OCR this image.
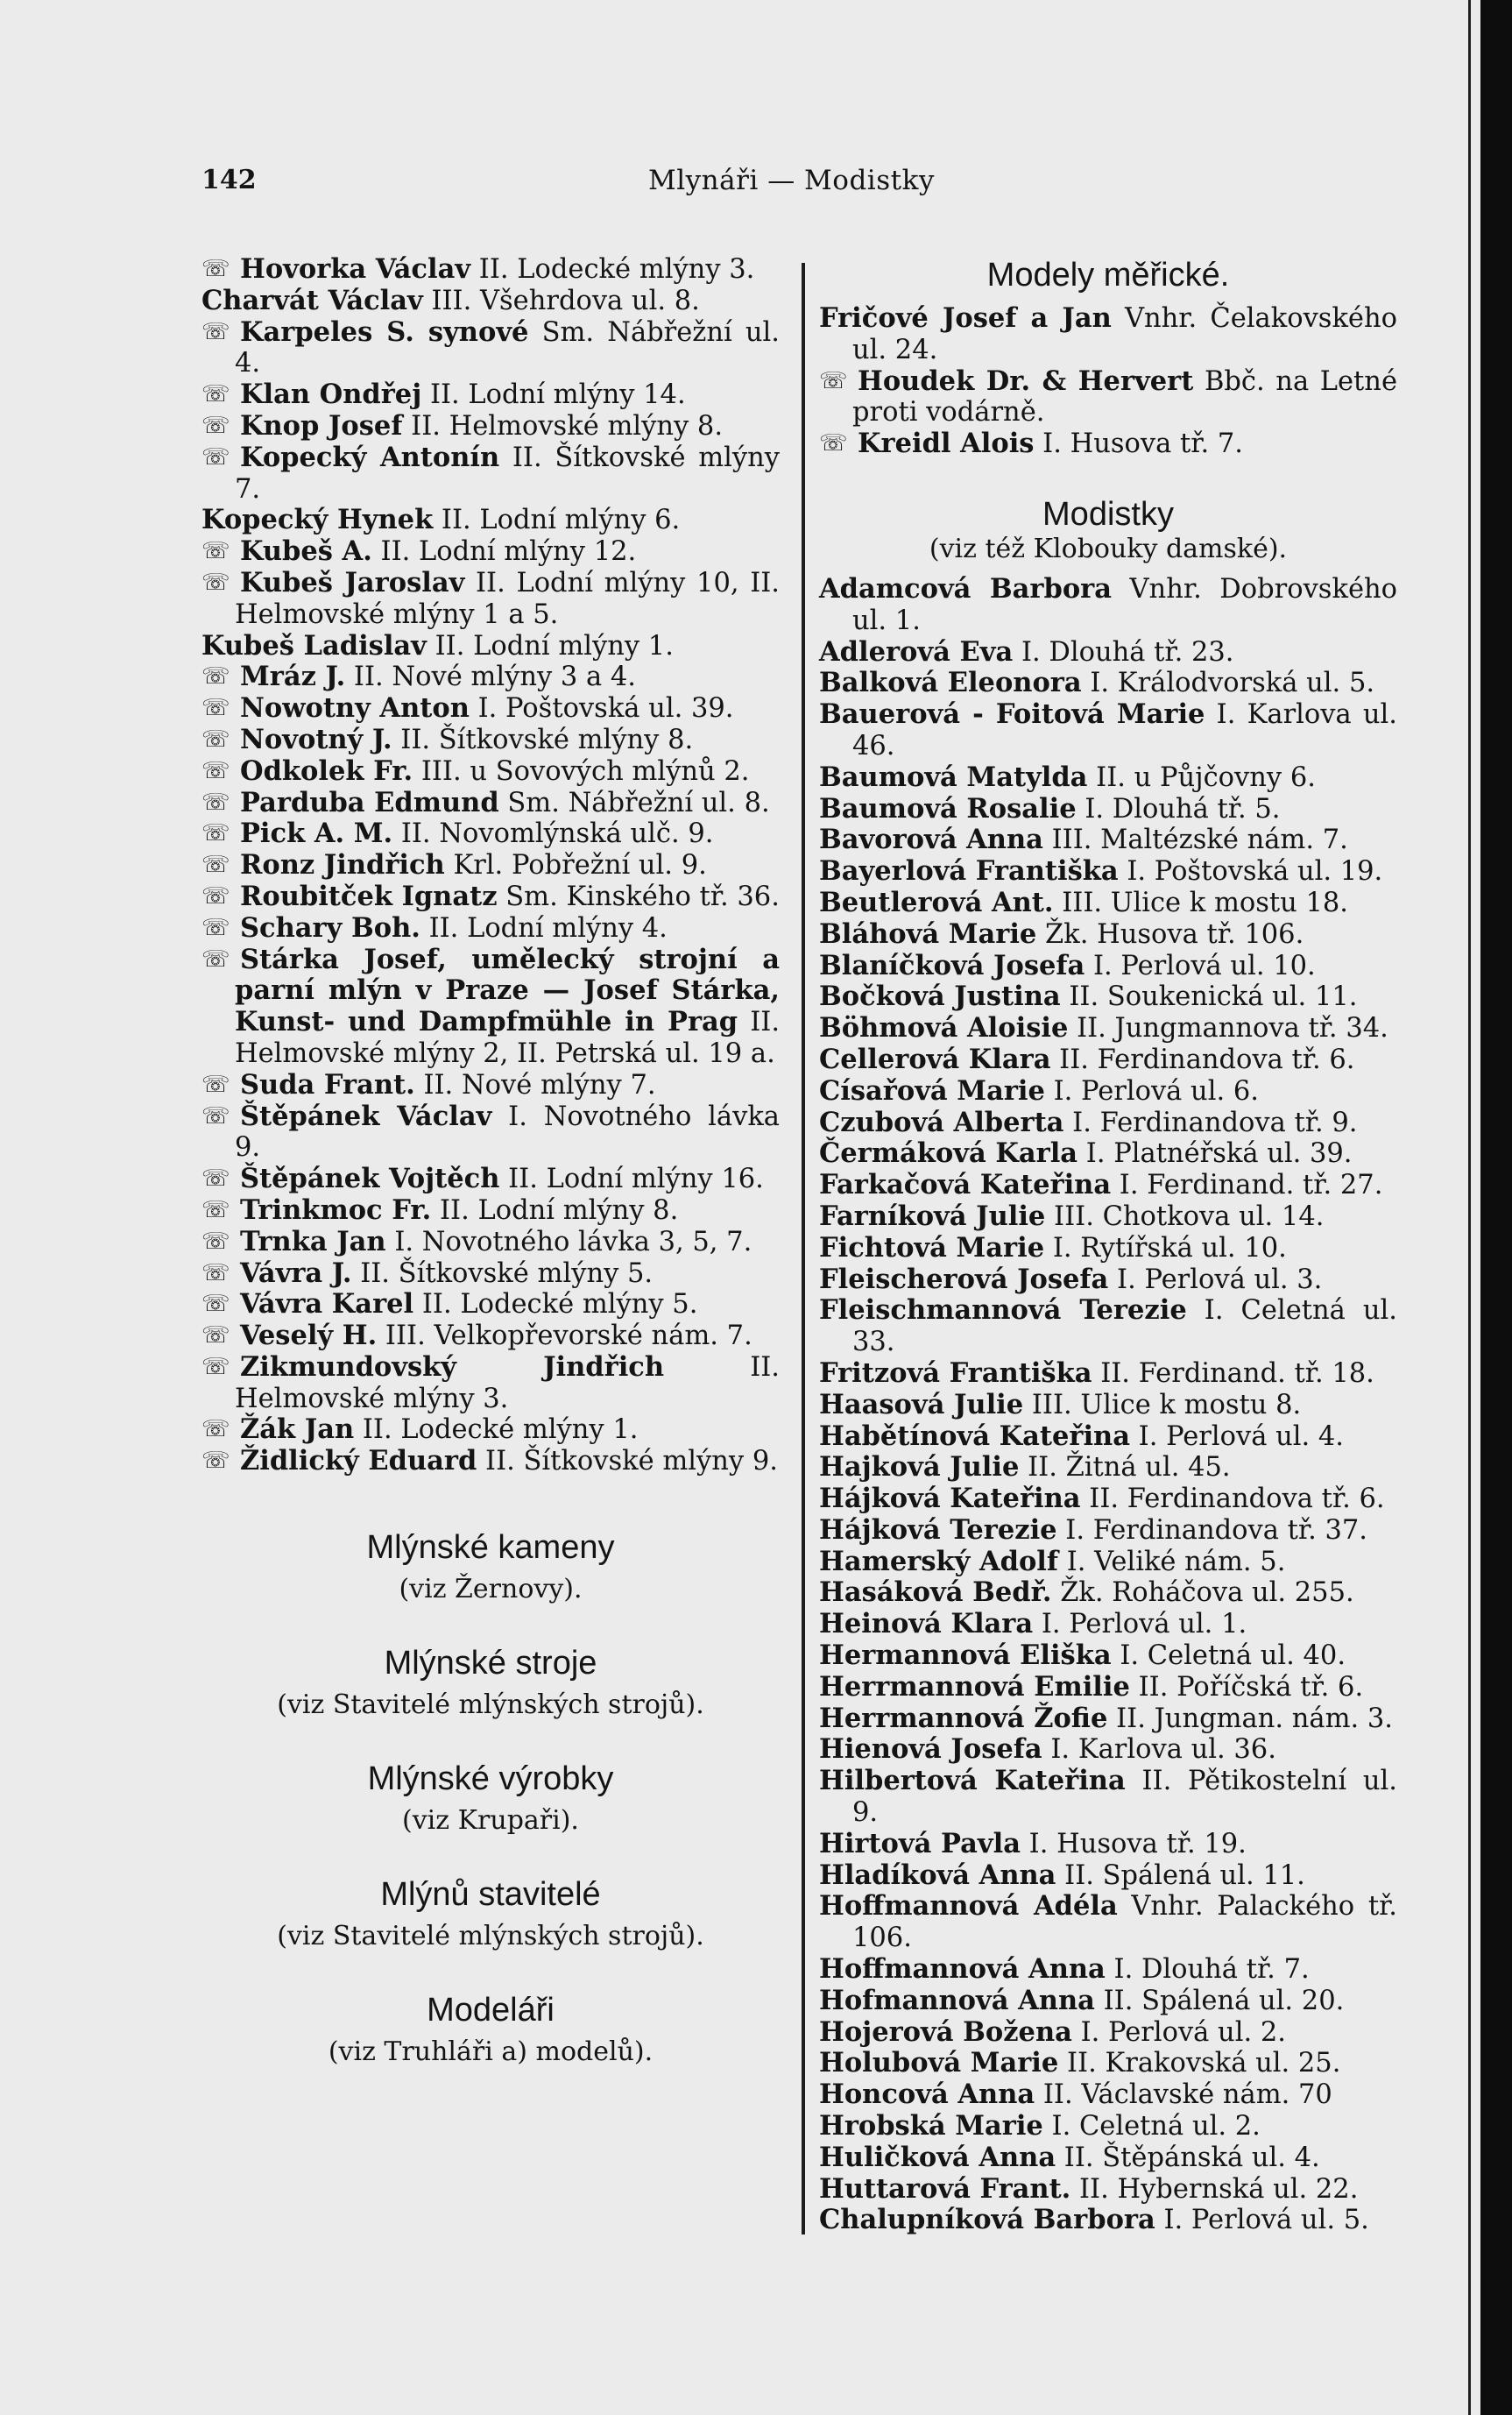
142	Mlynáři — Modistky

☏ Hovorka Václav II. Lodecké mlýny 3.

Charvát Václav III. Všehrdova ul. 8.

☏ Karpeles S. synové Sm. Nábřežní ul. 4.

☏ Klan Ondřej II. Lodní mlýny 14.

☏ Knop Josef II. Helmovské mlýny 8.

☏ Kopecký Antonín II. Šítkovské mlýny 7.

Kopecký Hynek II. Lodní mlýny 6.

☏ Kubeš A. II. Lodní mlýny 12.

☏ Kubeš Jaroslav II. Lodní mlýny 10, II. Helmovské mlýny 1 a 5.

Kubeš Ladislav II. Lodní mlýny 1.

☏ Mráz J. II. Nové mlýny 3 a 4.

☏ Nowotny Anton I. Poštovská ul. 39.

☏ Novotný J. II. Šítkovské mlýny 8.

☏ Odkolek Fr. III. u Sovových mlýnů 2.

☏ Parduba Edmund Sm. Nábřežní ul. 8.

☏ Pick A. M. II. Novomlýnská ulč. 9.

☏ Ronz Jindřich Krl. Pobřežní ul. 9.

☏ Roubitček Ignatz Sm. Kinského tř. 36.

☏ Schary Boh. II. Lodní mlýny 4.

☏ Stárka Josef, umělecký strojní a parní mlýn v Praze — Josef Stárka, Kunst- und Dampfmühle in Prag II. Helmovské mlýny 2, II. Petrská ul. 19 a.

☏ Suda Frant. II. Nové mlýny 7.

☏ Štěpánek Václav I. Novotného lávka 9.

☏ Štěpánek Vojtěch II. Lodní mlýny 16.

☏ Trinkmoc Fr. II. Lodní mlýny 8.

☏ Trnka Jan I. Novotného lávka 3, 5, 7.

☏ Vávra J. II. Šítkovské mlýny 5.

☏ Vávra Karel II. Lodecké mlýny 5.

☏ Veselý H. III. Velkopřevorské nám. 7.

☏ Zikmundovský Jindřich	II. Helmovské mlýny 3.

☏ Žák Jan II. Lodecké mlýny 1.

☏ Židlický Eduard II. Šítkovské mlýny 9.

Mlýnské kameny

(viz Žernovy).

Mlýnské stroje

(viz Stavitelé mlýnských strojů).

Mlýnské výrobky

(viz Krupaři).

Mlýnů stavitelé

(viz Stavitelé mlýnských strojů).

Modeláři

(viz Truhláři a) modelů).

Modely měřické.

Fričové Josef a Jan Vnhr. Čelakovského ul. 24.

☏ Houdek Dr. & Hervert Bbč. na Letné proti vodárně.

☏ Kreidl Alois I. Husova tř. 7.

Modistky

(viz též Klobouky damské).

Adamcová Barbora Vnhr. Dobrovského ul. 1.

Adlerová Eva I. Dlouhá tř. 23.

Balková Eleonora I. Králodvorská ul. 5.

Bauerová - Foitová Marie I. Karlova ul. 46.

Baumová Matylda II. u Půjčovny 6.

Baumová Rosalie I. Dlouhá tř. 5.

Bavorová Anna III. Maltézské nám. 7.

Bayerlová Františka I. Poštovská ul. 19.

Beutlerová Ant. III. Ulice k mostu 18.

Bláhová Marie Žk. Husova tř. 106.

Blaníčková Josefa I. Perlová ul. 10.

Bočková Justina II. Soukenická ul. 11.

Böhmová Aloisie II. Jungmannova tř. 34.

Cellerová Klara II. Ferdinandova tř. 6.

Císařová Marie I. Perlová ul. 6.

Czubová Alberta I. Ferdinandova tř. 9.

Čermáková Karla I. Platnéřská ul. 39.

Farkačová Kateřina I. Ferdinand. tř. 27.

Farníková Julie III. Chotkova ul. 14.

Fichtová Marie I. Rytířská ul. 10.

Fleischerová Josefa I. Perlová ul. 3.

Fleischmannová Terezie I. Celetná ul. 33.

Fritzová Františka II. Ferdinand. tř. 18.

Haasová Julie III. Ulice k mostu 8.

Habětínová Kateřina I. Perlová ul. 4.

Hajková Julie II. Žitná ul. 45.

Hájková Kateřina II. Ferdinandova tř. 6.

Hájková Terezie I. Ferdinandova tř. 37.

Hamerský Adolf I. Veliké nám. 5.

Hasáková Bedř. Žk. Roháčova ul. 255.

Heinová Klara I. Perlová ul. 1.

Hermannová Eliška I. Celetná ul. 40.

Herrmannová Emilie II. Poříčská tř. 6.

Herrmannová Žofie II. Jungman. nám. 3.

Hienová Josefa I. Karlova ul. 36.

Hilbertová Kateřina II. Pětikostelní ul. 9.

Hirtová Pavla I. Husova tř. 19.

Hladíková Anna II. Spálená ul. 11.

Hoffmannová Adéla Vnhr. Palackého tř. 106.

Hoffmannová Anna I. Dlouhá tř. 7.

Hofmannová Anna II. Spálená ul. 20.

Hojerová Božena I. Perlová ul. 2.

Holubová Marie II. Krakovská ul. 25.

Honcová Anna II. Václavské nám. 70

Hrobská Marie I. Celetná ul. 2.

Huličková Anna II. Štěpánská ul. 4.

Huttarová Frant. II. Hybernská ul. 22.

Chalupníková Barbora I. Perlová ul. 5.
